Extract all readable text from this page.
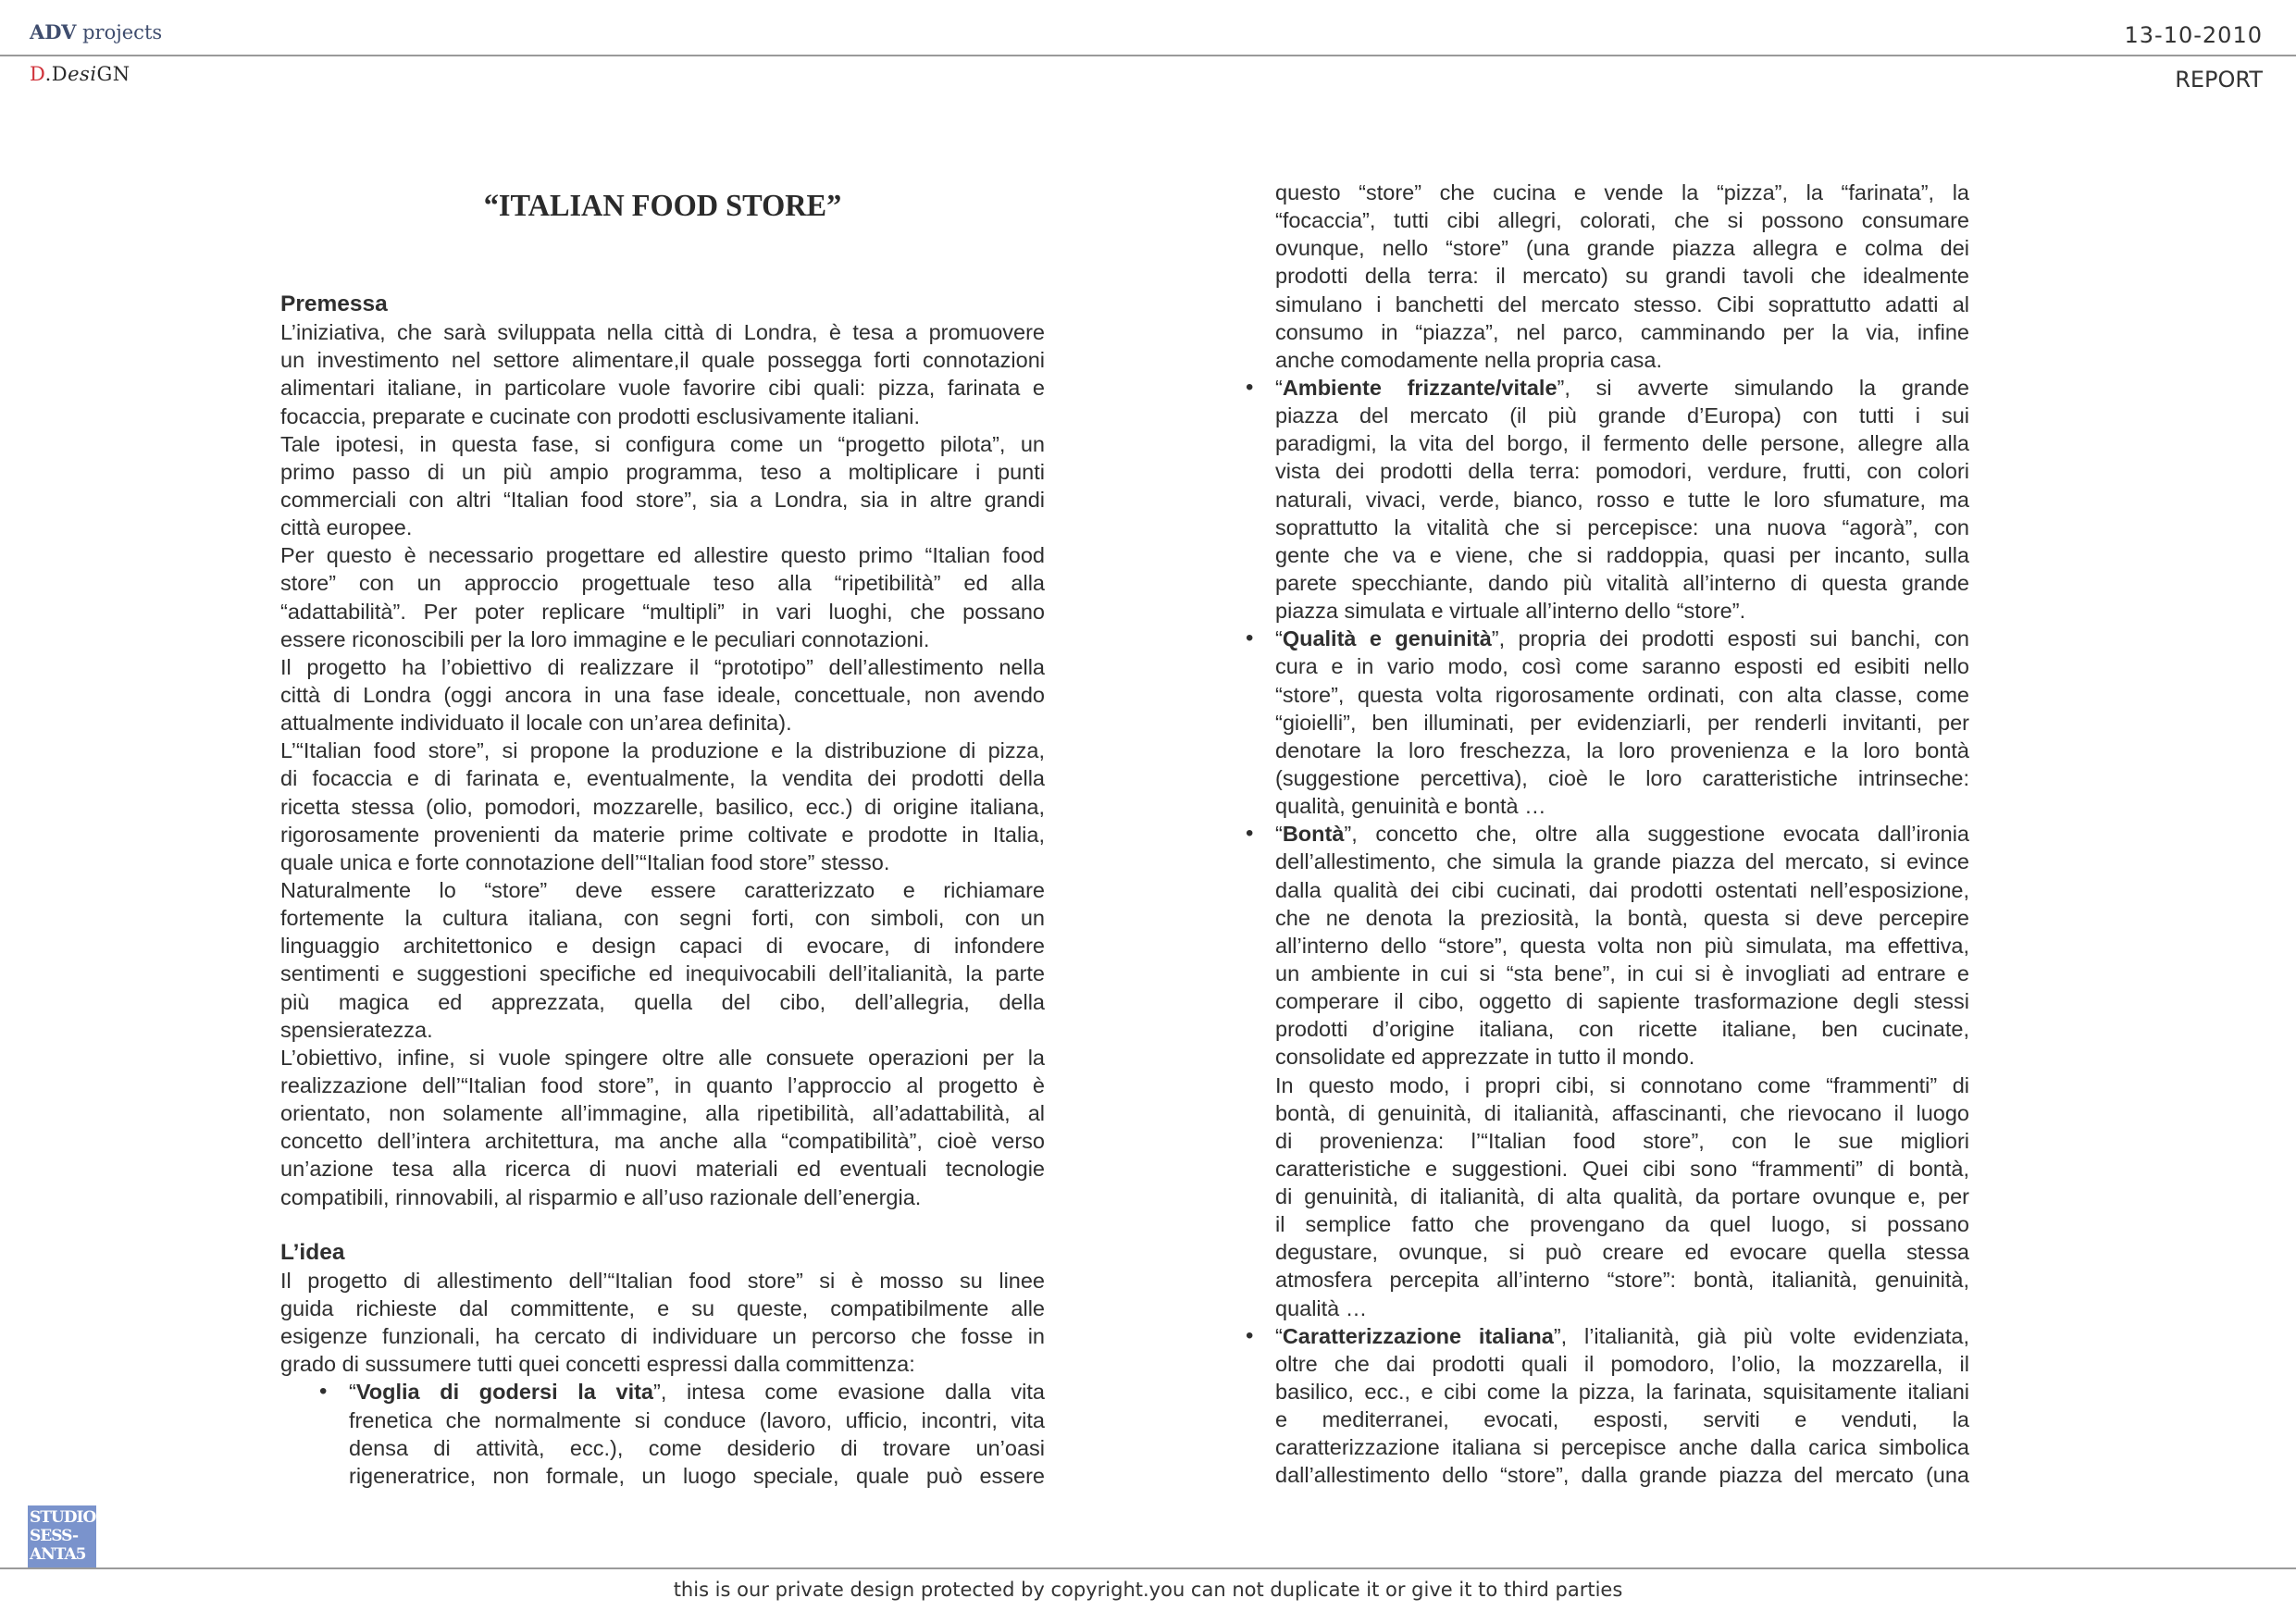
ADV projects
D.DesiGN
13-10-2010
REPORT
“ITALIAN FOOD STORE”
Premessa
L’iniziativa, che sarà sviluppata nella città di Londra, è tesa a promuovere
un investimento nel settore alimentare,il quale possegga forti connotazioni
alimentari italiane, in particolare vuole favorire cibi quali: pizza, farinata e
focaccia, preparate e cucinate con prodotti esclusivamente italiani.
Tale ipotesi, in questa fase, si configura come un “progetto pilota”, un
primo passo di un più ampio programma, teso a moltiplicare i punti
commerciali con altri “Italian food store”, sia a Londra, sia in altre grandi
città europee.
Per questo è necessario progettare ed allestire questo primo “Italian food
store” con un approccio progettuale teso alla “ripetibilità” ed alla
“adattabilità”. Per poter replicare “multipli” in vari luoghi, che possano
essere riconoscibili per la loro immagine e le peculiari connotazioni.
Il progetto ha l’obiettivo di realizzare il “prototipo” dell’allestimento nella
città di Londra (oggi ancora in una fase ideale, concettuale, non avendo
attualmente individuato il locale con un’area definita).
L’“Italian food store”, si propone la produzione e la distribuzione di pizza,
di focaccia e di farinata e, eventualmente, la vendita dei prodotti della
ricetta stessa (olio, pomodori, mozzarelle, basilico, ecc.) di origine italiana,
rigorosamente provenienti da materie prime coltivate e prodotte in Italia,
quale unica e forte connotazione dell’“Italian food store” stesso.
Naturalmente lo “store” deve essere caratterizzato e richiamare
fortemente la cultura italiana, con segni forti, con simboli, con un
linguaggio architettonico e design capaci di evocare, di infondere
sentimenti e suggestioni specifiche ed inequivocabili dell’italianità, la parte
più magica ed apprezzata, quella del cibo, dell’allegria, della
spensieratezza.
L’obiettivo, infine, si vuole spingere oltre alle consuete operazioni per la
realizzazione dell’“Italian food store”, in quanto l’approccio al progetto è
orientato, non solamente all’immagine, alla ripetibilità, all’adattabilità, al
concetto dell’intera architettura, ma anche alla “compatibilità”, cioè verso
un’azione tesa alla ricerca di nuovi materiali ed eventuali tecnologie
compatibili, rinnovabili, al risparmio e all’uso razionale dell’energia.
L’idea
Il progetto di allestimento dell’“Italian food store” si è mosso su linee
guida richieste dal committente, e su queste, compatibilmente alle
esigenze funzionali, ha cercato di individuare un percorso che fosse in
grado di sussumere tutti quei concetti espressi dalla committenza:
• “Voglia di godersi la vita”, intesa come evasione dalla vita
frenetica che normalmente si conduce (lavoro, ufficio, incontri, vita
densa di attività, ecc.), come desiderio di trovare un’oasi
rigeneratrice, non formale, un luogo speciale, quale può essere
questo “store” che cucina e vende la “pizza”, la “farinata”, la
“focaccia”, tutti cibi allegri, colorati, che si possono consumare
ovunque, nello “store” (una grande piazza allegra e colma dei
prodotti della terra: il mercato) su grandi tavoli che idealmente
simulano i banchetti del mercato stesso. Cibi soprattutto adatti al
consumo in “piazza”, nel parco, camminando per la via, infine
anche comodamente nella propria casa.
• “Ambiente frizzante/vitale”, si avverte simulando la grande
piazza del mercato (il più grande d’Europa) con tutti i sui
paradigmi, la vita del borgo, il fermento delle persone, allegre alla
vista dei prodotti della terra: pomodori, verdure, frutti, con colori
naturali, vivaci, verde, bianco, rosso e tutte le loro sfumature, ma
soprattutto la vitalità che si percepisce: una nuova “agorà”, con
gente che va e viene, che si raddoppia, quasi per incanto, sulla
parete specchiante, dando più vitalità all’interno di questa grande
piazza simulata e virtuale all’interno dello “store”.
• “Qualità e genuinità”, propria dei prodotti esposti sui banchi, con
cura e in vario modo, così come saranno esposti ed esibiti nello
“store”, questa volta rigorosamente ordinati, con alta classe, come
“gioielli”, ben illuminati, per evidenziarli, per renderli invitanti, per
denotare la loro freschezza, la loro provenienza e la loro bontà
(suggestione percettiva), cioè le loro caratteristiche intrinseche:
qualità, genuinità e bontà …
• “Bontà”, concetto che, oltre alla suggestione evocata dall’ironia
dell’allestimento, che simula la grande piazza del mercato, si evince
dalla qualità dei cibi cucinati, dai prodotti ostentati nell’esposizione,
che ne denota la preziosità, la bontà, questa si deve percepire
all’interno dello “store”, questa volta non più simulata, ma effettiva,
un ambiente in cui si “sta bene”, in cui si è invogliati ad entrare e
comperare il cibo, oggetto di sapiente trasformazione degli stessi
prodotti d’origine italiana, con ricette italiane, ben cucinate,
consolidate ed apprezzate in tutto il mondo.
In questo modo, i propri cibi, si connotano come “frammenti” di
bontà, di genuinità, di italianità, affascinanti, che rievocano il luogo
di provenienza: l’“Italian food store”, con le sue migliori
caratteristiche e suggestioni. Quei cibi sono “frammenti” di bontà,
di genuinità, di italianità, di alta qualità, da portare ovunque e, per
il semplice fatto che provengano da quel luogo, si possano
degustare, ovunque, si può creare ed evocare quella stessa
atmosfera percepita all’interno “store”: bontà, italianità, genuinità,
qualità …
• “Caratterizzazione italiana”, l’italianità, già più volte evidenziata,
oltre che dai prodotti quali il pomodoro, l’olio, la mozzarella, il
basilico, ecc., e cibi come la pizza, la farinata, squisitamente italiani
e mediterranei, evocati, esposti, serviti e venduti, la
caratterizzazione italiana si percepisce anche dalla carica simbolica
dall’allestimento dello “store”, dalla grande piazza del mercato (una
STUDIO
SESS-
ANTA5
this is our private design protected by copyright.you can not duplicate it or give it to third parties
